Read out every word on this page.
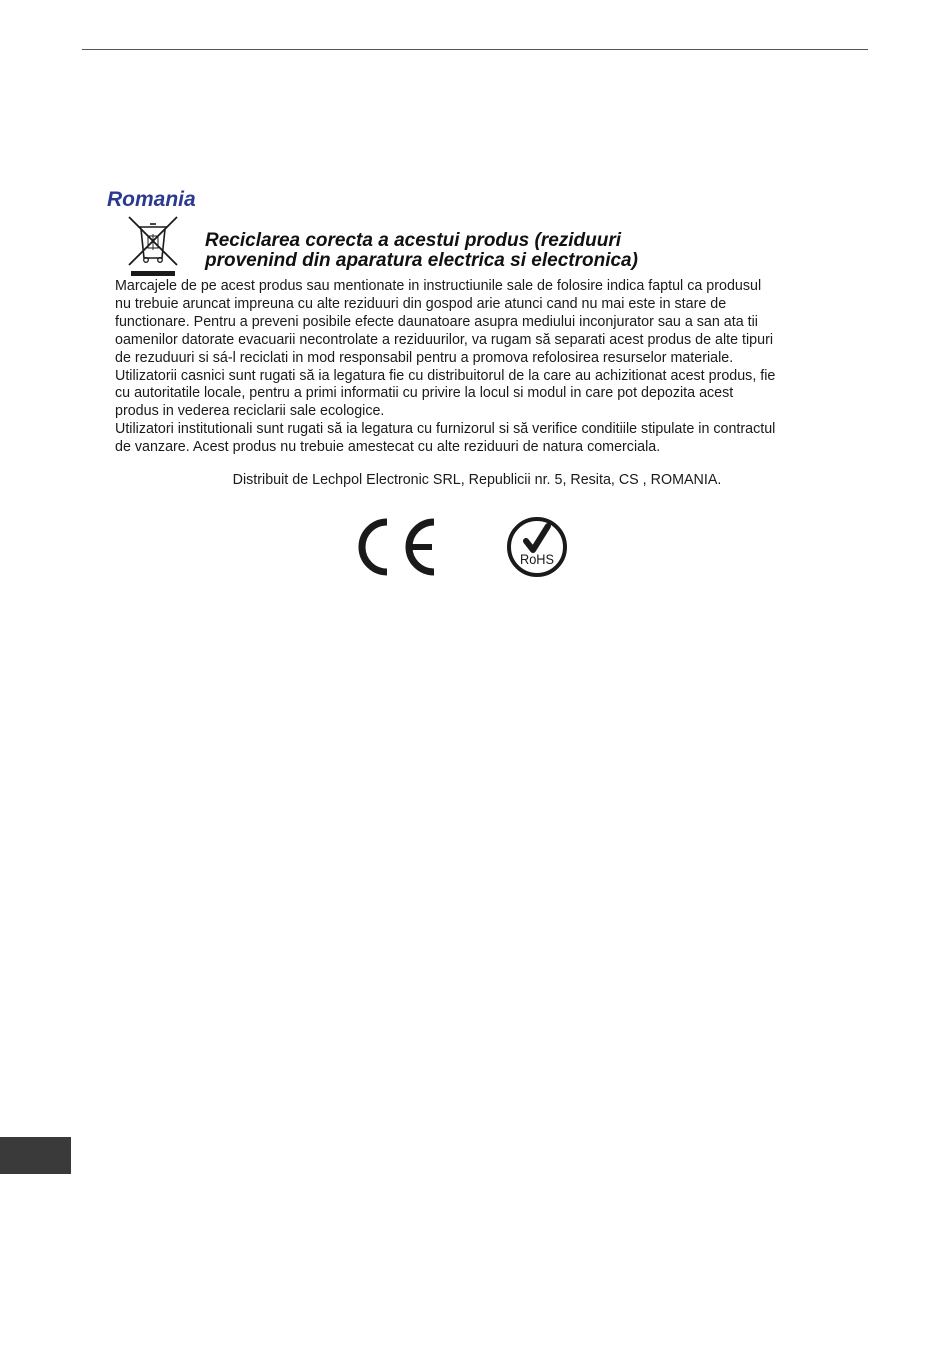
Romania
Reciclarea corecta a acestui produs (reziduuri
provenind din aparatura electrica si electronica)
Marcajele de pe acest produs sau mentionate in instructiunile sale de folosire indica faptul ca produsul
nu trebuie aruncat impreuna cu alte reziduuri din gospod arie atunci cand nu mai este in stare de
functionare. Pentru a preveni posibile efecte daunatoare asupra mediului inconjurator sau a san ata tii
oamenilor datorate evacuarii necontrolate a reziduurilor, va rugam să separati acest produs de alte tipuri
de rezuduuri si sá-l reciclati in mod responsabil pentru a promova refolosirea resurselor materiale.
Utilizatorii casnici sunt rugati să ia legatura fie cu distribuitorul de la care au achizitionat acest produs, fie
cu autoritatile locale, pentru a primi informatii cu privire la locul si modul in care pot depozita acest
produs in vederea reciclarii sale ecologice.
Utilizatori institutionali sunt rugati să ia legatura cu furnizorul si să verifice conditiile stipulate in contractul
de vanzare. Acest produs nu trebuie amestecat cu alte reziduuri de natura comerciala.
Distribuit de Lechpol Electronic SRL, Republicii nr. 5, Resita, CS , ROMANIA.
RoHS
